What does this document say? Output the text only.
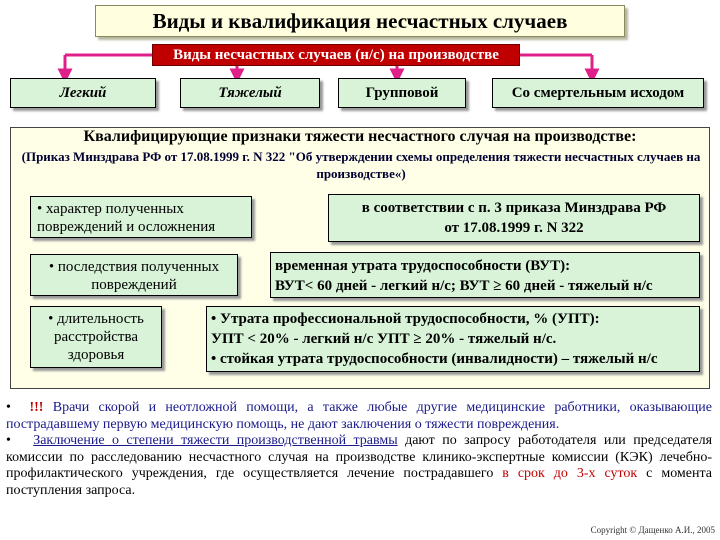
Виды и квалификация несчастных случаев
Виды несчастных случаев (н/с) на производстве
Легкий	Тяжелый	Групповой	Со смертельным исходом
Квалифицирующие признаки тяжести несчастного случая на производстве:
(Приказ Минздрава РФ от 17.08.1999 г. N 322 "Об утверждении схемы определения тяжести несчастных случаев на производстве«)
• характер полученных повреждений и осложнения
в соответствии с п. 3 приказа Минздрава РФ
от 17.08.1999 г. N 322
• последствия полученных повреждений
временная утрата трудоспособности (ВУТ):
ВУТ< 60 дней - легкий н/с; ВУТ ≥ 60 дней - тяжелый н/с
• длительность расстройства здоровья
• Утрата профессиональной трудоспособности, % (УПТ):
УПТ < 20% - легкий н/с УПТ ≥ 20% - тяжелый н/с.
• стойкая утрата трудоспособности (инвалидности) – тяжелый н/с

•  !!! Врачи скорой и неотложной помощи, а также любые другие медицинские работники, оказывающие пострадавшему первую медицинскую помощь, не дают заключения о тяжести повреждения.

•   Заключение о степени тяжести производственной травмы дают по запросу работодателя или председателя комиссии по расследованию несчастного случая на производстве клинико-экспертные комиссии (КЭК) лечебно-профилактического учреждения, где осуществляется лечение пострадавшего в срок до 3-х суток с момента поступления запроса.

Copyright © Дащенко А.И., 2005
